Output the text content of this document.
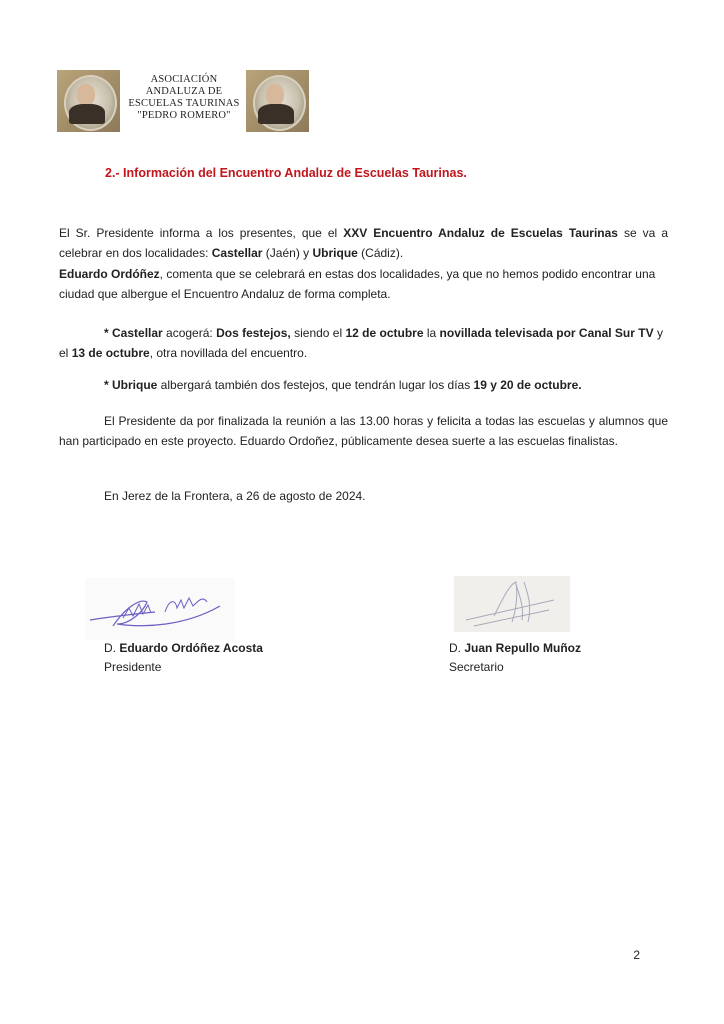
ASOCIACIÓN
ANDALUZA DE
ESCUELAS TAURINAS
"PEDRO ROMERO"
2.- Información del Encuentro Andaluz de Escuelas Taurinas.
El Sr. Presidente informa a los presentes, que el XXV Encuentro Andaluz de Escuelas Taurinas se va a celebrar en dos localidades: Castellar (Jaén) y Ubrique (Cádiz).
Eduardo Ordóñez, comenta que se celebrará en estas dos localidades, ya que no hemos podido encontrar una ciudad que albergue el Encuentro Andaluz de forma completa.
* Castellar acogerá: Dos festejos, siendo el 12 de octubre la novillada televisada por Canal Sur TV y el 13 de octubre, otra novillada del encuentro.
* Ubrique albergará también dos festejos, que tendrán lugar los días 19 y 20 de octubre.
El Presidente da por finalizada la reunión a las 13.00 horas y felicita a todas las escuelas y alumnos que han participado en este proyecto. Eduardo Ordoñez, públicamente desea suerte a las escuelas finalistas.
En Jerez de la Frontera, a 26 de agosto de 2024.
D. Eduardo Ordóñez Acosta
Presidente
D. Juan Repullo Muñoz
Secretario
2
